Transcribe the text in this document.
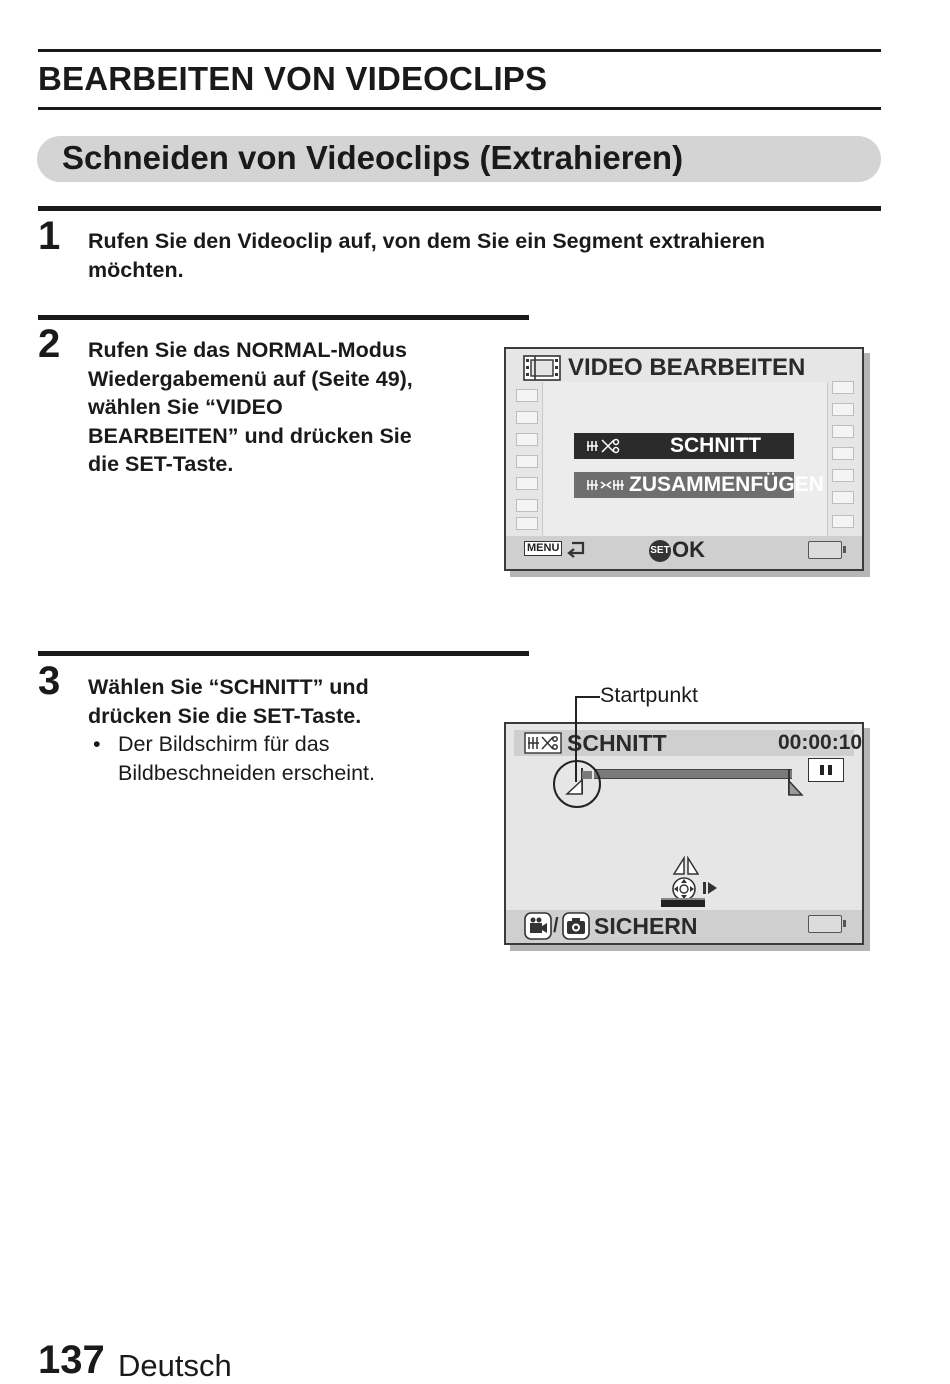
BEARBEITEN VON VIDEOCLIPS
Schneiden von Videoclips (Extrahieren)
1 Rufen Sie den Videoclip auf, von dem Sie ein Segment extrahieren
möchten.
2 Rufen Sie das NORMAL-Modus
Wiedergabemenü auf (Seite 49),
wählen Sie “VIDEO
BEARBEITEN” und drücken Sie
die SET-Taste.
VIDEO BEARBEITEN
SCHNITT
ZUSAMMENFÜGEN
MENU	SET OK
3 Wählen Sie “SCHNITT” und
drücken Sie die SET-Taste.
• Der Bildschirm für das
Bildbeschneiden erscheint.
SCHNITT	00:00:10
/ SICHERN
Startpunkt
137 Deutsch
